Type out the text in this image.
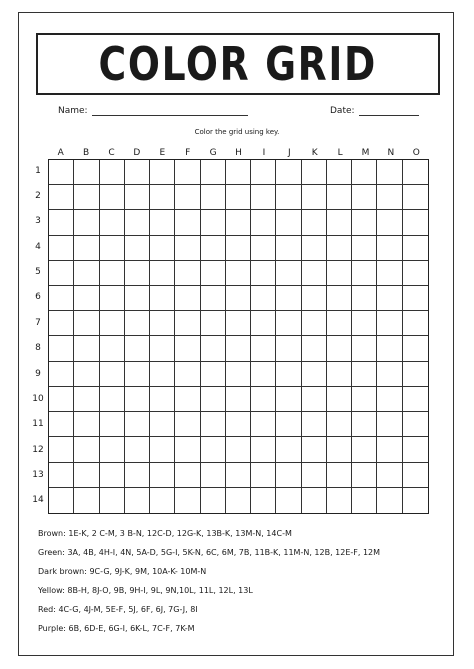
COLOR GRID
Name:	Date:
Color the grid using key.
A	B	C	D	E	F	G	H	I	J	K	L	M	N	O
1
2
3
4
5
6
7
8
9
10
11
12
13
14
Brown: 1E-K, 2 C-M, 3 B-N, 12C-D, 12G-K, 13B-K, 13M-N, 14C-M
Green: 3A, 4B, 4H-I, 4N, 5A-D, 5G-I, 5K-N, 6C, 6M, 7B, 11B-K, 11M-N, 12B, 12E-F, 12M
Dark brown: 9C-G, 9J-K, 9M, 10A-K- 10M-N
Yellow: 8B-H, 8J-O, 9B, 9H-I, 9L, 9N,10L, 11L, 12L, 13L
Red: 4C-G, 4J-M, 5E-F, 5J, 6F, 6J, 7G-J, 8I
Purple: 6B, 6D-E, 6G-I, 6K-L, 7C-F, 7K-M
